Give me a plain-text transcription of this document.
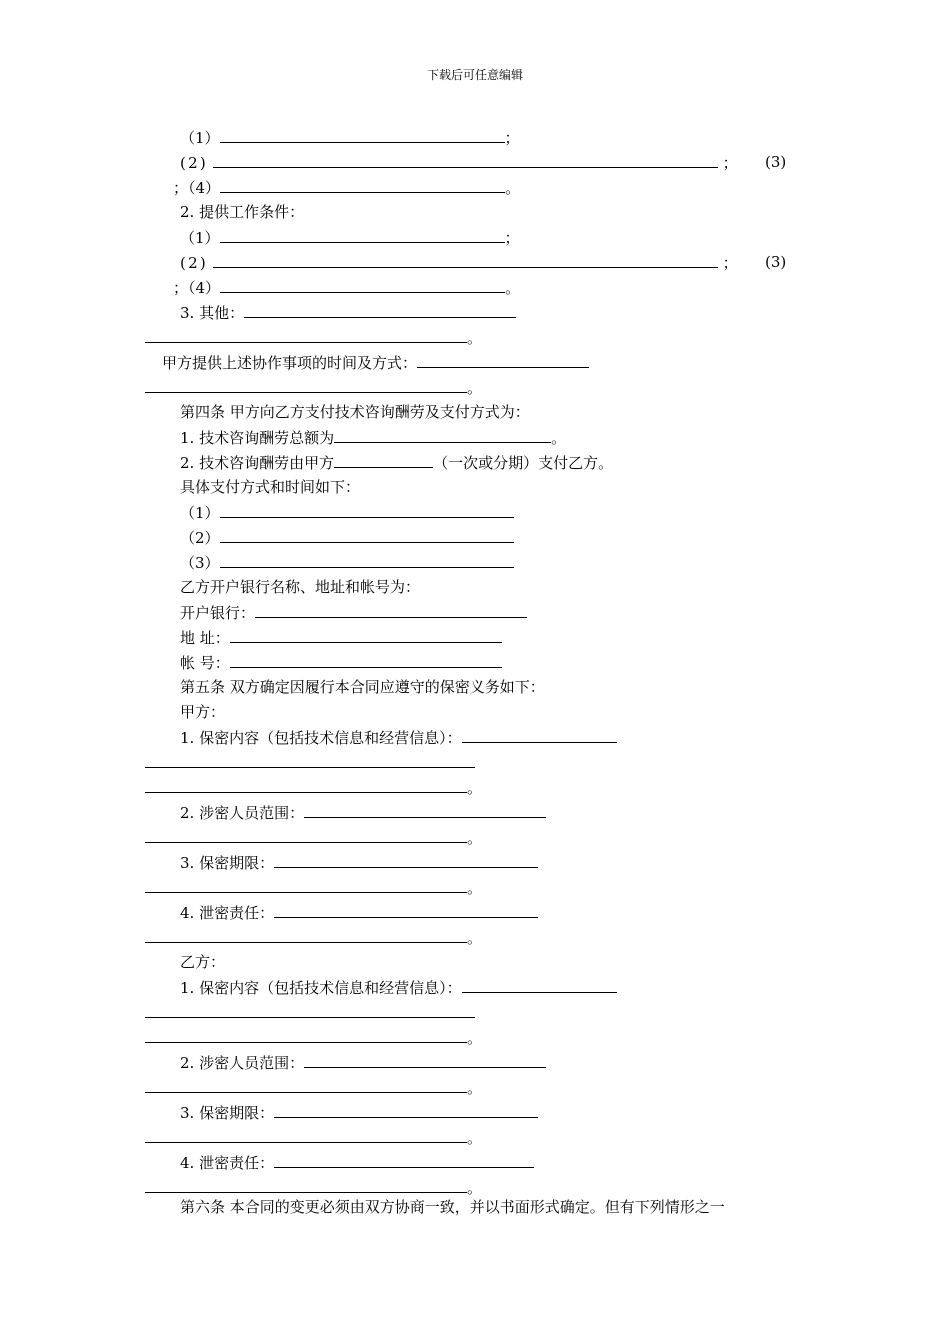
下载后可任意编辑
（1）	；
(2)	； (3)
；（4）	。
2. 提供工作条件：
（1）	；
(2)	； (3)
；（4）	。
3. 其他：
。
甲方提供上述协作事项的时间及方式：
。
第四条 甲方向乙方支付技术咨询酬劳及支付方式为：
1. 技术咨询酬劳总额为	。
2. 技术咨询酬劳由甲方	（一次或分期）支付乙方。
具体支付方式和时间如下：
（1）
（2）
（3）
乙方开户银行名称、地址和帐号为：
开户银行：
地 址：
帐 号：
第五条 双方确定因履行本合同应遵守的保密义务如下：
甲方：
1. 保密内容（包括技术信息和经营信息）：
。
2. 涉密人员范围：
。
3. 保密期限：
。
4. 泄密责任：
。
乙方：
1. 保密内容（包括技术信息和经营信息）：
。
2. 涉密人员范围：
。
3. 保密期限：
。
4. 泄密责任：
。
第六条 本合同的变更必须由双方协商一致，并以书面形式确定。但有下列情形之一
